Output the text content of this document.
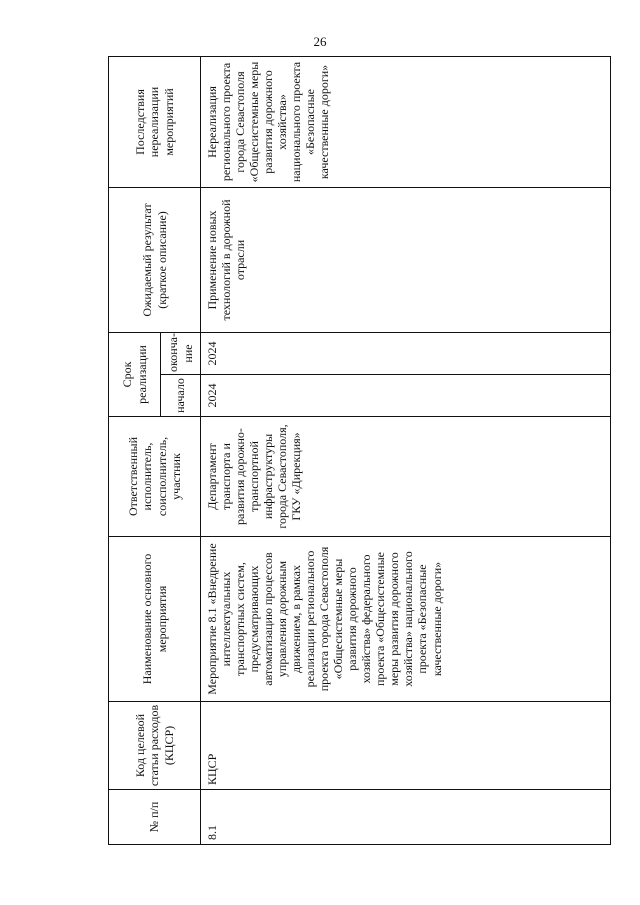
26
№ п/п	Код целевой статьи расходов (КЦСР)	Наименование основного мероприятия	Ответственный исполнитель, соисполнитель, участник	Срок реализации		Ожидаемый результат (краткое описание)	Последствия нереализации мероприятий
				начало	оконча-ние		
8.1	КЦСР	Мероприятие 8.1 «Внедрение интеллектуальных транспортных систем, предусматривающих автоматизацию процессов управления дорожным движением, в рамках реализации регионального проекта города Севастополя «Общесистемные меры развития дорожного хозяйства» федерального проекта «Общесистемные меры развития дорожного хозяйства» национального проекта «Безопасные качественные дороги»	Департамент транспорта и развития дорожно-транспортной инфраструктуры города Севастополя, ГКУ «Дирекция»	2024	2024	Применение новых технологий в дорожной отрасли	Нереализация регионального проекта города Севастополя «Общесистемные меры развития дорожного хозяйства» национального проекта «Безопасные качественные дороги»
